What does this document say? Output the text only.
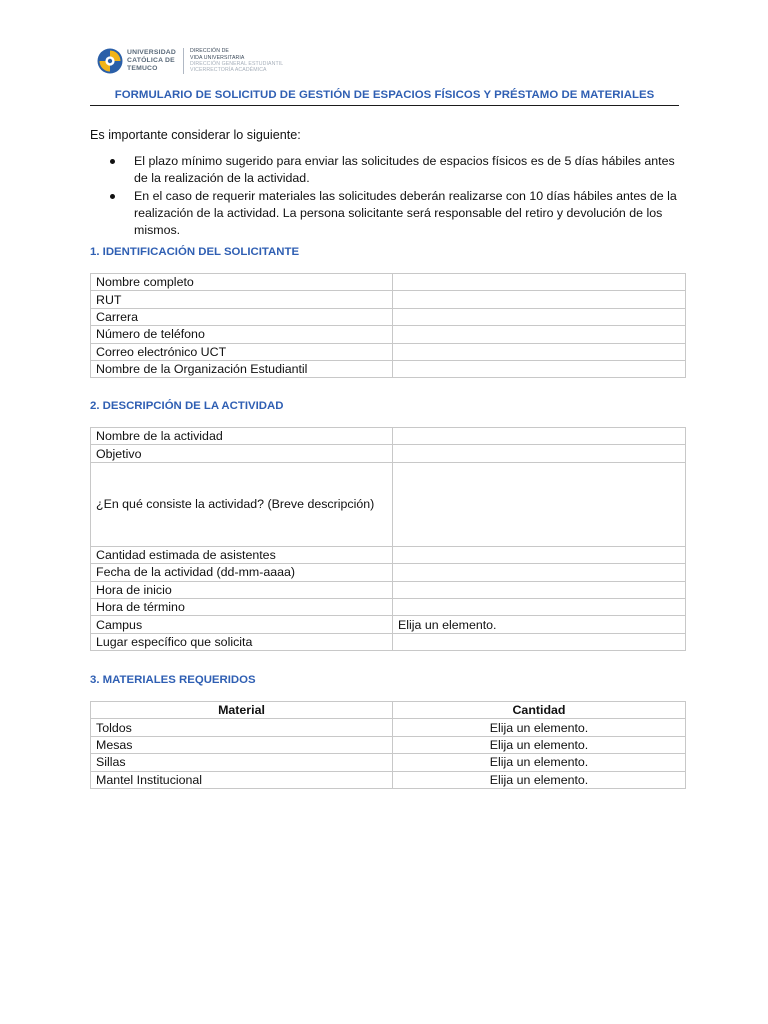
UNIVERSIDAD
CATÓLICA DE
TEMUCO
DIRECCIÓN DE
VIDA UNIVERSITARIA
DIRECCIÓN GENERAL ESTUDIANTIL
VICERRECTORÍA ACADÉMICA
FORMULARIO DE SOLICITUD DE GESTIÓN DE ESPACIOS FÍSICOS Y PRÉSTAMO DE MATERIALES
Es importante considerar lo siguiente:
El plazo mínimo sugerido para enviar las solicitudes de espacios físicos es de 5 días hábiles antes de la realización de la actividad.
En el caso de requerir materiales las solicitudes deberán realizarse con 10 días hábiles antes de la realización de la actividad. La persona solicitante será responsable del retiro y devolución de los mismos.
1. IDENTIFICACIÓN DEL SOLICITANTE
Nombre completo	
RUT	
Carrera	
Número de teléfono	
Correo electrónico UCT	
Nombre de la Organización Estudiantil	
2. DESCRIPCIÓN DE LA ACTIVIDAD
Nombre de la actividad	
Objetivo	
¿En qué consiste la actividad? (Breve descripción)	
Cantidad estimada de asistentes	
Fecha de la actividad (dd-mm-aaaa)	
Hora de inicio	
Hora de término	
Campus	Elija un elemento.
Lugar específico que solicita	
3. MATERIALES REQUERIDOS
Material	Cantidad
Toldos	Elija un elemento.
Mesas	Elija un elemento.
Sillas	Elija un elemento.
Mantel Institucional	Elija un elemento.
